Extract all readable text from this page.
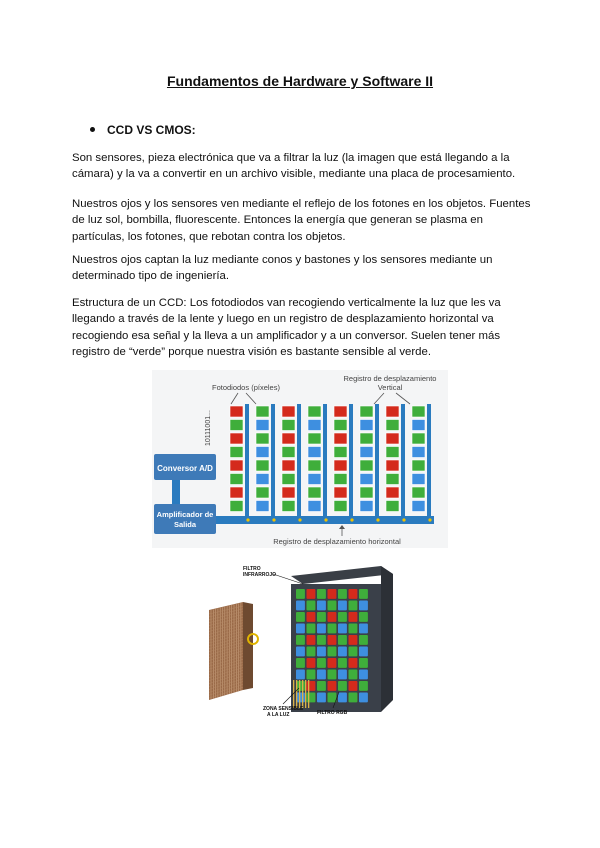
Fundamentos de Hardware y Software II
CCD VS CMOS:

Son sensores, pieza electrónica que va a filtrar la luz (la imagen que está llegando a la cámara) y la va a convertir en un archivo visible, mediante una placa de procesamiento.

Nuestros ojos y los sensores ven mediante el reflejo de los fotones en los objetos. Fuentes de luz sol, bombilla, fluorescente. Entonces la energía que generan se plasma en partículas, los fotones, que rebotan contra los objetos.

Nuestros ojos captan la luz mediante conos y bastones y los sensores mediante un determinado tipo de ingeniería.

Estructura de un CCD: Los fotodiodos van recogiendo verticalmente la luz que les va llegando a través de la lente y luego en un registro de desplazamiento horizontal va recogiendo esa señal y la lleva a un amplificador y a un conversor. Suelen tener más registro de “verde” porque nuestra visión es bastante sensible al verde.

Conversor A/D
Amplificador de
Salida
10111001...
Fotodiodos (píxeles)
Registro de desplazamiento
Vertical
Registro de desplazamiento horizontal
FILTRO
INFRARROJO
ZONA SENSIBLE
A LA LUZ	FILTRO RGB
